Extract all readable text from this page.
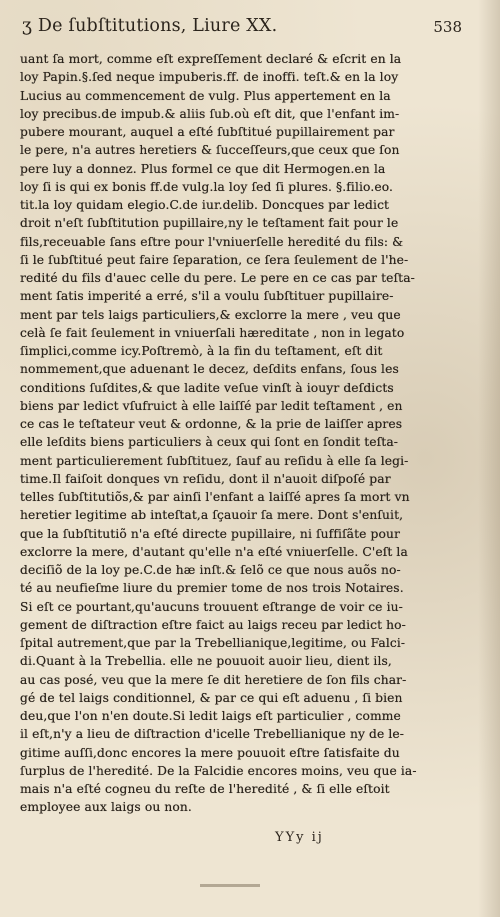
ʒ De ſubſtitutions, Liure XX.	538
uant ſa mort, comme eſt expreſſement declaré & eſcrit en la
loy Papin.§.ſed neque impuberis.ff. de inoffi. teſt.& en la loy
Lucius au commencement de vulg. Plus appertement en la
loy precibus.de impub.& aliis ſub.où eſt dit, que l'enfant im-
pubere mourant, auquel a eſté ſubſtitué pupillairement par
le pere, n'a autres heretiers & ſucceſſeurs,que ceux que ſon
pere luy a donnez. Plus formel ce que dit Hermogen.en la
loy ſi is qui ex bonis ff.de vulg.la loy ſed ſi plures. §.filio.eo.
tit.la loy quidam elegio.C.de iur.delib. Doncques par ledict
droit n'eſt ſubſtitution pupillaire,ny le teſtament fait pour le
fils,receuable ſans eſtre pour l'vniuerſelle heredité du fils: &
ſi le ſubſtitué peut faire ſeparation, ce ſera ſeulement de l'he-
redité du fils d'auec celle du pere. Le pere en ce cas par teſta-
ment ſatis imperité a erré, s'il a voulu ſubſtituer pupillaire-
ment par tels laigs particuliers,& exclorre la mere , veu que
celà ſe fait ſeulement in vniuerſali hæreditate , non in legato
ſimplici,comme icy.Poſtremò, à la fin du teſtament, eſt dit
nommement,que aduenant le decez, deſdits enfans, ſous les
conditions ſuſdites,& que ladite veſue vinſt à iouyr deſdicts
biens par ledict vſufruict à elle laiſſé par ledit teſtament , en
ce cas le teſtateur veut & ordonne, & la prie de laiſſer apres
elle leſdits biens particuliers à ceux qui ſont en ſondit teſta-
ment particulierement ſubſtituez, ſauf au reſidu à elle ſa legi-
time.Il faiſoit donques vn reſidu, dont il n'auoit diſpoſé par
telles ſubſtitutiõs,& par ainſi l'enfant a laiſſé apres ſa mort vn
heretier legitime ab inteſtat,a ſçauoir ſa mere. Dont s'enſuit,
que la ſubſtitutiõ n'a eſté directe pupillaire, ni ſuffiſãte pour
exclorre la mere, d'autant qu'elle n'a eſté vniuerſelle. C'eſt la
deciſiõ de la loy pe.C.de hæ inſt.& ſelõ ce que nous auõs no-
té au neufieſme liure du premier tome de nos trois Notaires.
Si eſt ce pourtant,qu'aucuns trouuent eſtrange de voir ce iu-
gement de diſtraction eſtre faict au laigs receu par ledict ho-
ſpital autrement,que par la Trebellianique,legitime, ou Falci-
di.Quant à la Trebellia. elle ne pouuoit auoir lieu, dient ils,
au cas posé, veu que la mere ſe dit heretiere de ſon fils char-
gé de tel laigs conditionnel, & par ce qui eſt aduenu , ſi bien
deu,que l'on n'en doute.Si ledit laigs eſt particulier , comme
il eſt,n'y a lieu de diſtraction d'icelle Trebellianique ny de le-
gitime auſſi,donc encores la mere pouuoit eſtre ſatisfaite du
ſurplus de l'heredité. De la Falcidie encores moins, veu que ia-
mais n'a eſté cogneu du reſte de l'heredité , & ſi elle eſtoit
employee aux laigs ou non.
YYy ij
